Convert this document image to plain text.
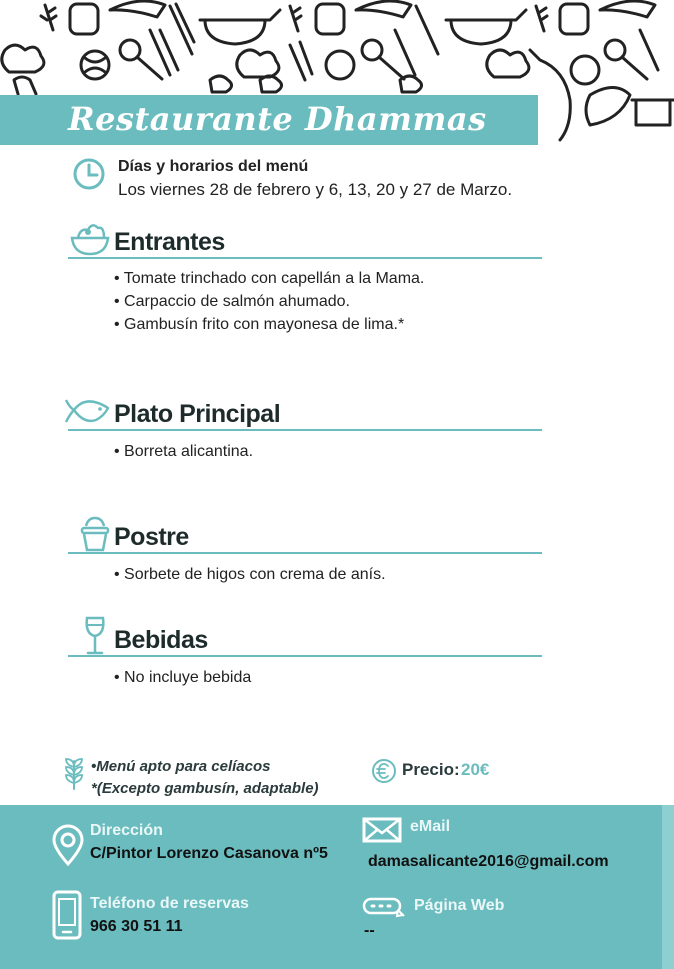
Restaurante Dhammas
Días y horarios del menú
Los viernes 28 de febrero y 6, 13, 20 y 27 de Marzo.
Entrantes
• Tomate trinchado con capellán a la Mama.
• Carpaccio de salmón ahumado.
• Gambusín frito con mayonesa de lima.*
Plato Principal
• Borreta alicantina.
Postre
• Sorbete de higos con crema de anís.
Bebidas
• No incluye bebida
•Menú apto para celíacos
*(Excepto gambusín, adaptable)
Precio: 20€
Dirección
C/Pintor Lorenzo Casanova nº5
eMail
damasalicante2016@gmail.com
Teléfono de reservas
966 30 51 11
Página Web
--
